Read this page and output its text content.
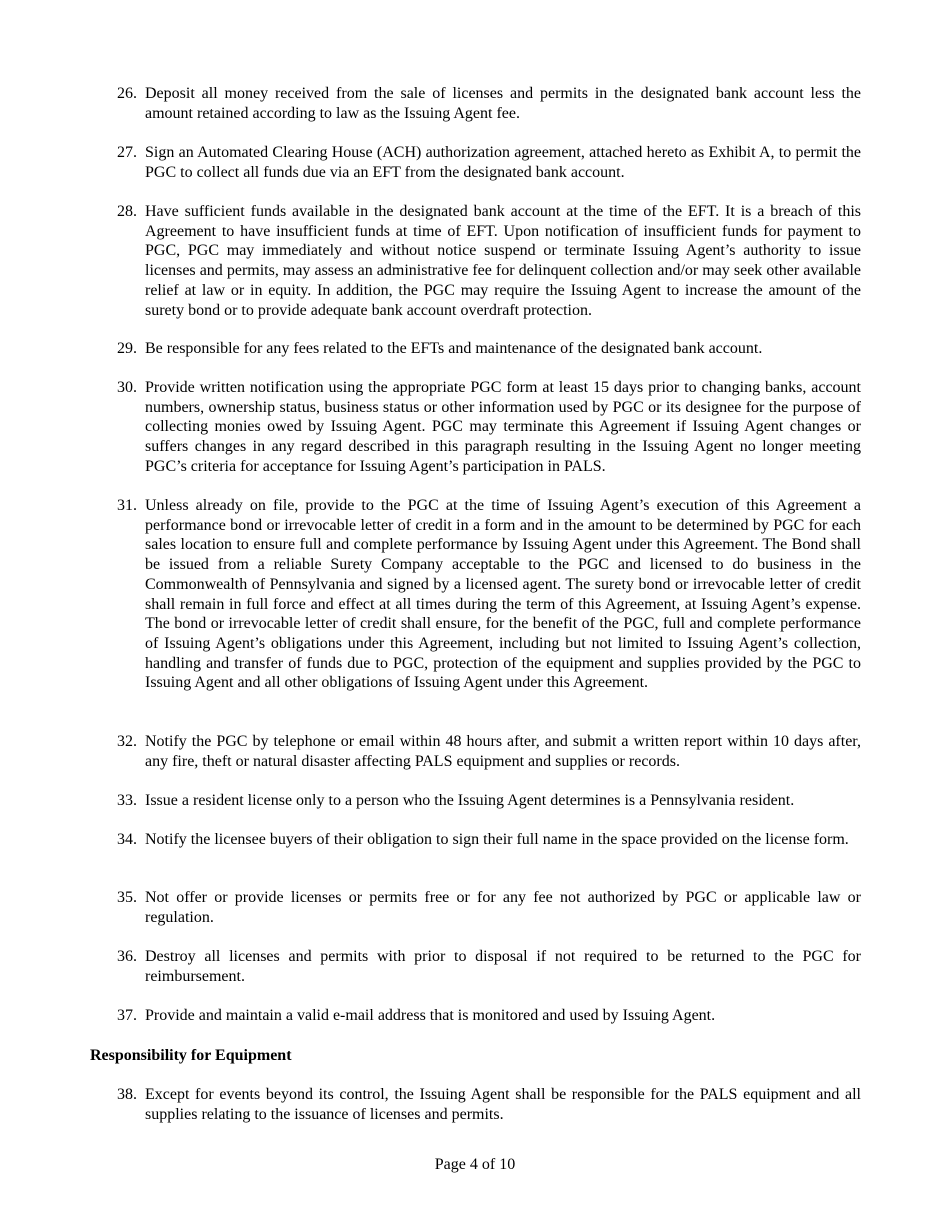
26. Deposit all money received from the sale of licenses and permits in the designated bank account less the amount retained according to law as the Issuing Agent fee.
27. Sign an Automated Clearing House (ACH) authorization agreement, attached hereto as Exhibit A, to permit the PGC to collect all funds due via an EFT from the designated bank account.
28. Have sufficient funds available in the designated bank account at the time of the EFT. It is a breach of this Agreement to have insufficient funds at time of EFT. Upon notification of insufficient funds for payment to PGC, PGC may immediately and without notice suspend or terminate Issuing Agent’s authority to issue licenses and permits, may assess an administrative fee for delinquent collection and/or may seek other available relief at law or in equity. In addition, the PGC may require the Issuing Agent to increase the amount of the surety bond or to provide adequate bank account overdraft protection.
29. Be responsible for any fees related to the EFTs and maintenance of the designated bank account.
30. Provide written notification using the appropriate PGC form at least 15 days prior to changing banks, account numbers, ownership status, business status or other information used by PGC or its designee for the purpose of collecting monies owed by Issuing Agent. PGC may terminate this Agreement if Issuing Agent changes or suffers changes in any regard described in this paragraph resulting in the Issuing Agent no longer meeting PGC’s criteria for acceptance for Issuing Agent’s participation in PALS.
31. Unless already on file, provide to the PGC at the time of Issuing Agent’s execution of this Agreement a performance bond or irrevocable letter of credit in a form and in the amount to be determined by PGC for each sales location to ensure full and complete performance by Issuing Agent under this Agreement. The Bond shall be issued from a reliable Surety Company acceptable to the PGC and licensed to do business in the Commonwealth of Pennsylvania and signed by a licensed agent. The surety bond or irrevocable letter of credit shall remain in full force and effect at all times during the term of this Agreement, at Issuing Agent’s expense. The bond or irrevocable letter of credit shall ensure, for the benefit of the PGC, full and complete performance of Issuing Agent’s obligations under this Agreement, including but not limited to Issuing Agent’s collection, handling and transfer of funds due to PGC, protection of the equipment and supplies provided by the PGC to Issuing Agent and all other obligations of Issuing Agent under this Agreement.
32. Notify the PGC by telephone or email within 48 hours after, and submit a written report within 10 days after, any fire, theft or natural disaster affecting PALS equipment and supplies or records.
33. Issue a resident license only to a person who the Issuing Agent determines is a Pennsylvania resident.
34. Notify the licensee buyers of their obligation to sign their full name in the space provided on the license form.
35. Not offer or provide licenses or permits free or for any fee not authorized by PGC or applicable law or regulation.
36. Destroy all licenses and permits with prior to disposal if not required to be returned to the PGC for reimbursement.
37. Provide and maintain a valid e-mail address that is monitored and used by Issuing Agent.
Responsibility for Equipment
38. Except for events beyond its control, the Issuing Agent shall be responsible for the PALS equipment and all supplies relating to the issuance of licenses and permits.
Page 4 of 10
